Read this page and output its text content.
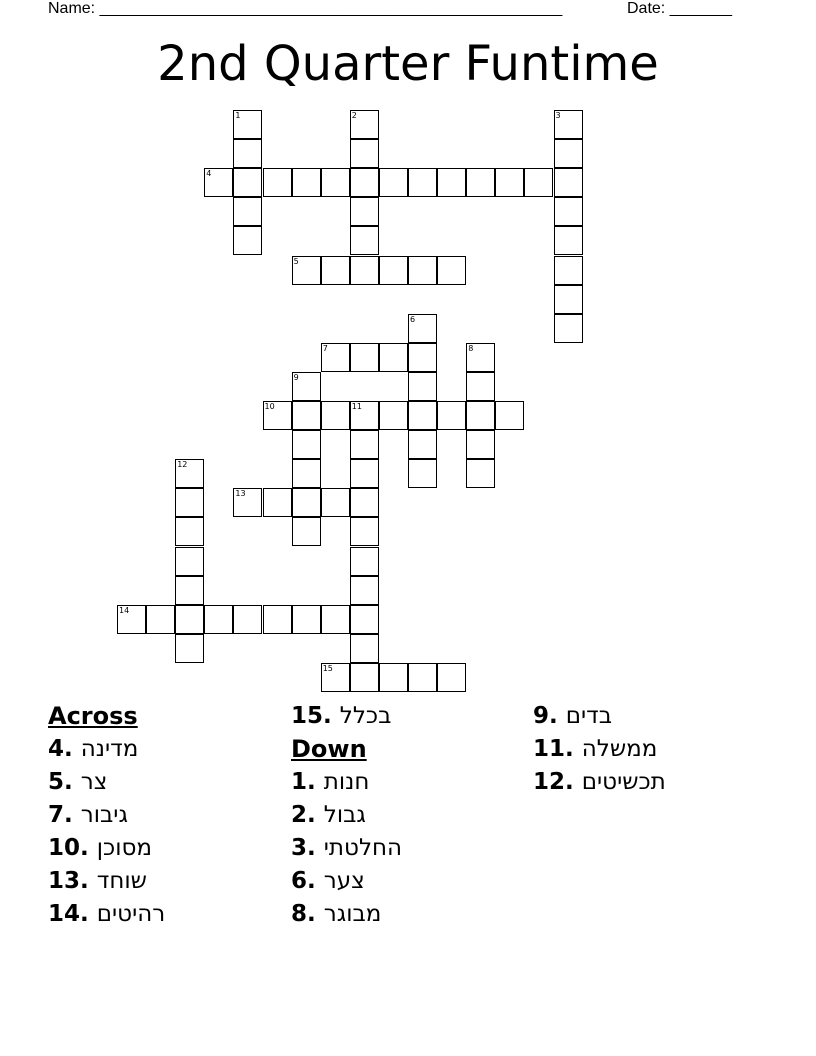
Name: ____________________________________________________	Date: _______
2nd Quarter Funtime
1	2	3
4
5
6
7	8
9
10	11
12
13
14
15
Across
4. מדינה
5. צר
7. גיבור
10. מסוכן
13. שוחד
14. רהיטים
15. בכלל
Down
1. חנות
2. גבול
3. החלטתי
6. צער
8. מבוגר
9. בדים
11. ממשלה
12. תכשיטים
